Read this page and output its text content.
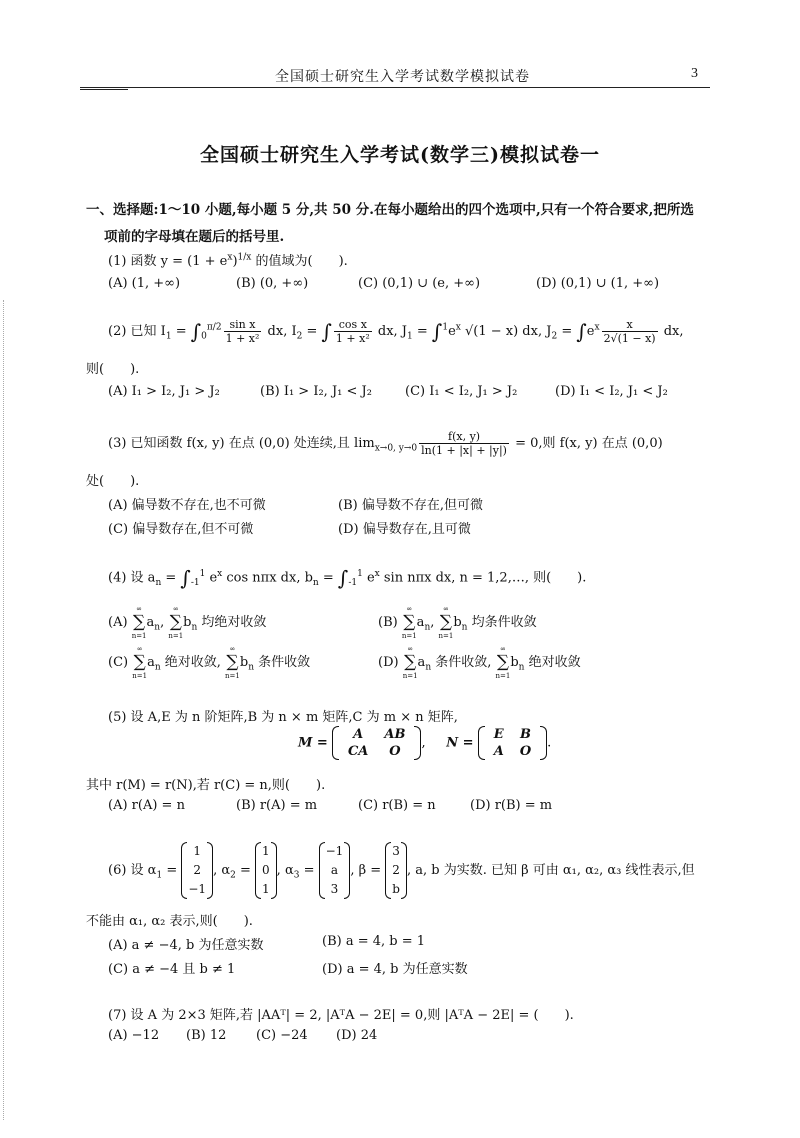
全国硕士研究生入学考试数学模拟试卷	3
全国硕士研究生入学考试(数学三)模拟试卷一
一、选择题:1～10 小题,每小题 5 分,共 50 分.在每小题给出的四个选项中,只有一个符合要求,把所选
项前的字母填在题后的括号里.
(1) 函数 $y = (1 + e^x)^{1/x}$ 的值域为(　　).
(A) (1, +∞)	(B) (0, +∞)	(C) (0,1) ∪ (e, +∞)	(D) (0,1) ∪ (1, +∞)
(2) 已知 $I_1 = \int_0^{\pi/2} \frac{\text{sin x}}{\text{1 + x²}}$ dx, $I_2$ = ∫ $\frac{\text{cos x}}{\text{1 + x²}}$ dx, $J_1 = \int^1e^x$ √(1 − x) dx, $J_2 = \int e^x \frac{x}{2√(1 - x)}$ dx,
则(　　).
(A) I₁ > I₂, J₁ > J₂	(B) I₁ > I₂, J₁ < J₂	(C) I₁ < I₂, J₁ > J₂	(D) I₁ < I₂, J₁ < J₂
(3) 已知函数 f(x, y) 在点 (0,0) 处连续,且 $\lim_{x\to 0, y\to 0} \frac{f(x, y)}{\ln(1 + |x| + |y|)} = 0$,则 f(x, y) 在点 (0,0)
处(　　).
(A) 偏导数不存在,也不可微	(B) 偏导数不存在,但可微
(C) 偏导数存在,但不可微	(D) 偏导数存在,且可微
(4) 设 $a_n = \int_{-1}^1$ $e^x$ cos nπx dx, $b_n = \int_{-1}^1$ $e^x$ sin nπx dx, n = 1,2,…, 则(　　).
(A)
∞
∑
n=1
$a_n$,
∞
∑
n=1
$b_n$ 均绝对收敛	(B)
∞
∑
n=1
$a_n$,
∞
∑
n=1
$b_n$ 均条件收敛
(C)
∞
∑
n=1
$a_n$ 绝对收敛,
∞
∑
n=1
$b_n$ 条件收敛	(D)
∞
∑
n=1
$a_n$ 条件收敛,
∞
∑
n=1
$b_n$ 绝对收敛
(5) 设 A,E 为 n 阶矩阵,B 为 n × m 矩阵,C 为 m × n 矩阵,
M =
A	AB
CA	O
,     N =
E	B
A	O
.
其中 r(M) = r(N),若 r(C) = n,则(　　).
(A) r(A) = n	(B) r(A) = m	(C) r(B) = n	(D) r(B) = m
(6) 设 $\alpha_1$ =
1
2
−1
, $\alpha_2$ =
1
0
1
, $\alpha_3$ =
−1
a
3
, β =
3
2
b
, a, b 为实数. 已知 β 可由 α₁, α₂, α₃ 线性表示,但
不能由 α₁, α₂ 表示,则(　　).
(A) a ≠ −4, b 为任意实数	(B) a = 4, b = 1
(C) a ≠ −4 且 b ≠ 1	(D) a = 4, b 为任意实数
(7) 设 A 为 2×3 矩阵,若 |AAᵀ| = 2, |AᵀA − 2E| = 0,则 |AᵀA − 2E| = (　　).
(A) −12 (B) 12 (C) −24 (D) 24
